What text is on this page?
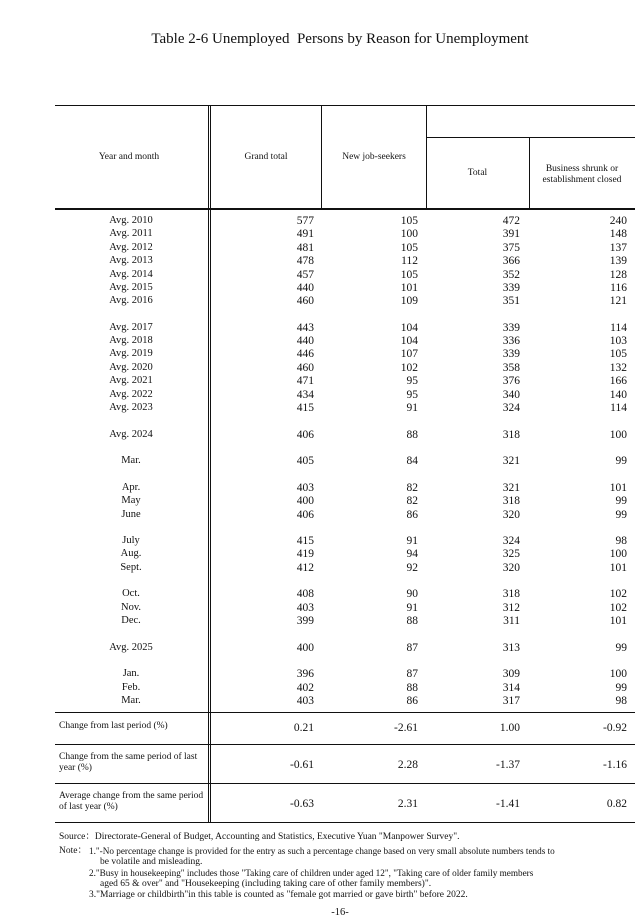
Table 2-6 Unemployed  Persons by Reason for Unemployment
Year and month	Grand total	New job-seekers
Total	Business shrunk or establishment closed
Avg. 2010	577	105	472	240
Avg. 2011	491	100	391	148
Avg. 2012	481	105	375	137
Avg. 2013	478	112	366	139
Avg. 2014	457	105	352	128
Avg. 2015	440	101	339	116
Avg. 2016	460	109	351	121
Avg. 2017	443	104	339	114
Avg. 2018	440	104	336	103
Avg. 2019	446	107	339	105
Avg. 2020	460	102	358	132
Avg. 2021	471	95	376	166
Avg. 2022	434	95	340	140
Avg. 2023	415	91	324	114
Avg. 2024	406	88	318	100
Mar.	405	84	321	99
Apr.	403	82	321	101
May	400	82	318	99
June	406	86	320	99
July	415	91	324	98
Aug.	419	94	325	100
Sept.	412	92	320	101
Oct.	408	90	318	102
Nov.	403	91	312	102
Dec.	399	88	311	101
Avg. 2025	400	87	313	99
Jan.	396	87	309	100
Feb.	402	88	314	99
Mar.	403	86	317	98
Change from last period (%)	0.21	-2.61	1.00	-0.92
Change from the same period of last year (%)	-0.61	2.28	-1.37	-1.16
Average change from the same period of last year (%)	-0.63	2.31	-1.41	0.82
Source：Directorate-General of Budget, Accounting and Statistics, Executive Yuan "Manpower Survey".
Note： 1."-No percentage change is provided for the entry as such a percentage change based on very small absolute numbers tends to
be volatile and misleading.
2."Busy in housekeeping" includes those "Taking care of children under aged 12", "Taking care of older family members
aged 65 & over" and "Housekeeping (including taking care of other family members)".
3."Marriage or childbirth"in this table is counted as "female got married or gave birth" before 2022.
-16-
